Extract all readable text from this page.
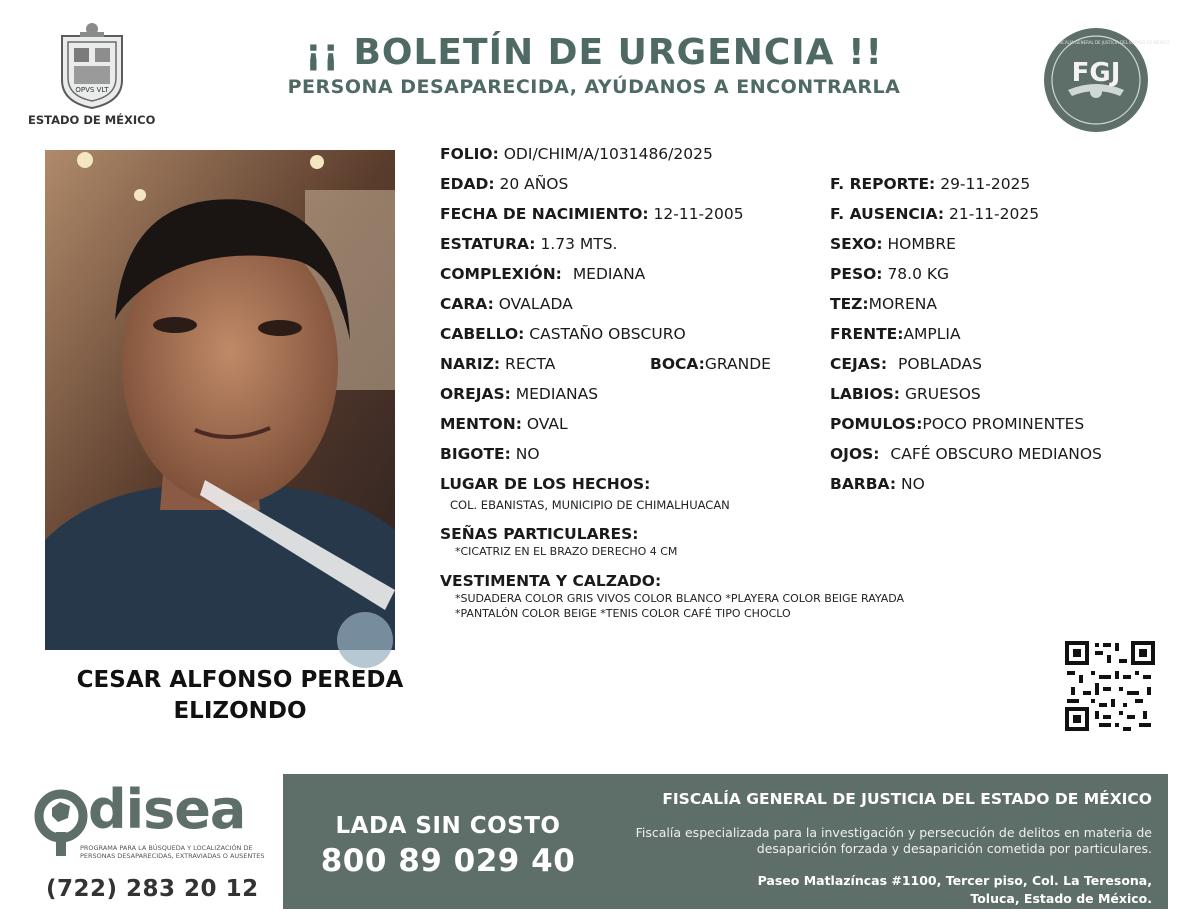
OPVS VLT
ESTADO DE MÉXICO
¡¡ BOLETÍN DE URGENCIA !!
PERSONA DESAPARECIDA, AYÚDANOS A ENCONTRARLA	FGJ
FISCALÍA GENERAL DE JUSTICIA DEL ESTADO DE MÉXICO
CESAR ALFONSO PEREDA
ELIZONDO
FOLIO: ODI/CHIM/A/1031486/2025
EDAD: 20 AÑOS
FECHA DE NACIMIENTO: 12-11-2005
ESTATURA: 1.73 MTS.
COMPLEXIÓN: MEDIANA
CARA: OVALADA
CABELLO: CASTAÑO OBSCURO
NARIZ: RECTA	BOCA:GRANDE
OREJAS: MEDIANAS
MENTON: OVAL
BIGOTE: NO
LUGAR DE LOS HECHOS:
COL. EBANISTAS, MUNICIPIO DE CHIMALHUACAN
SEÑAS PARTICULARES:
*CICATRIZ EN EL BRAZO DERECHO 4 CM
VESTIMENTA Y CALZADO:
*SUDADERA COLOR GRIS VIVOS COLOR BLANCO *PLAYERA COLOR BEIGE RAYADA
*PANTALÓN COLOR BEIGE *TENIS COLOR CAFÉ TIPO CHOCLO
F. REPORTE: 29-11-2025
F. AUSENCIA: 21-11-2025
SEXO: HOMBRE
PESO: 78.0 KG
TEZ:MORENA
FRENTE:AMPLIA
CEJAS: POBLADAS
LABIOS: GRUESOS
POMULOS:POCO PROMINENTES
OJOS: CAFÉ OBSCURO MEDIANOS
BARBA: NO
disea
PROGRAMA PARA LA BÚSQUEDA Y LOCALIZACIÓN DE PERSONAS DESAPARECIDAS, EXTRAVIADAS O AUSENTES
(722) 283 20 12
LADA SIN COSTO
800 89 029 40
FISCALÍA GENERAL DE JUSTICIA DEL ESTADO DE MÉXICO
Fiscalía especializada para la investigación y persecución de delitos en materia de desaparición forzada y desaparición cometida por particulares.
Paseo Matlazíncas #1100, Tercer piso, Col. La Teresona,
Toluca, Estado de México.
